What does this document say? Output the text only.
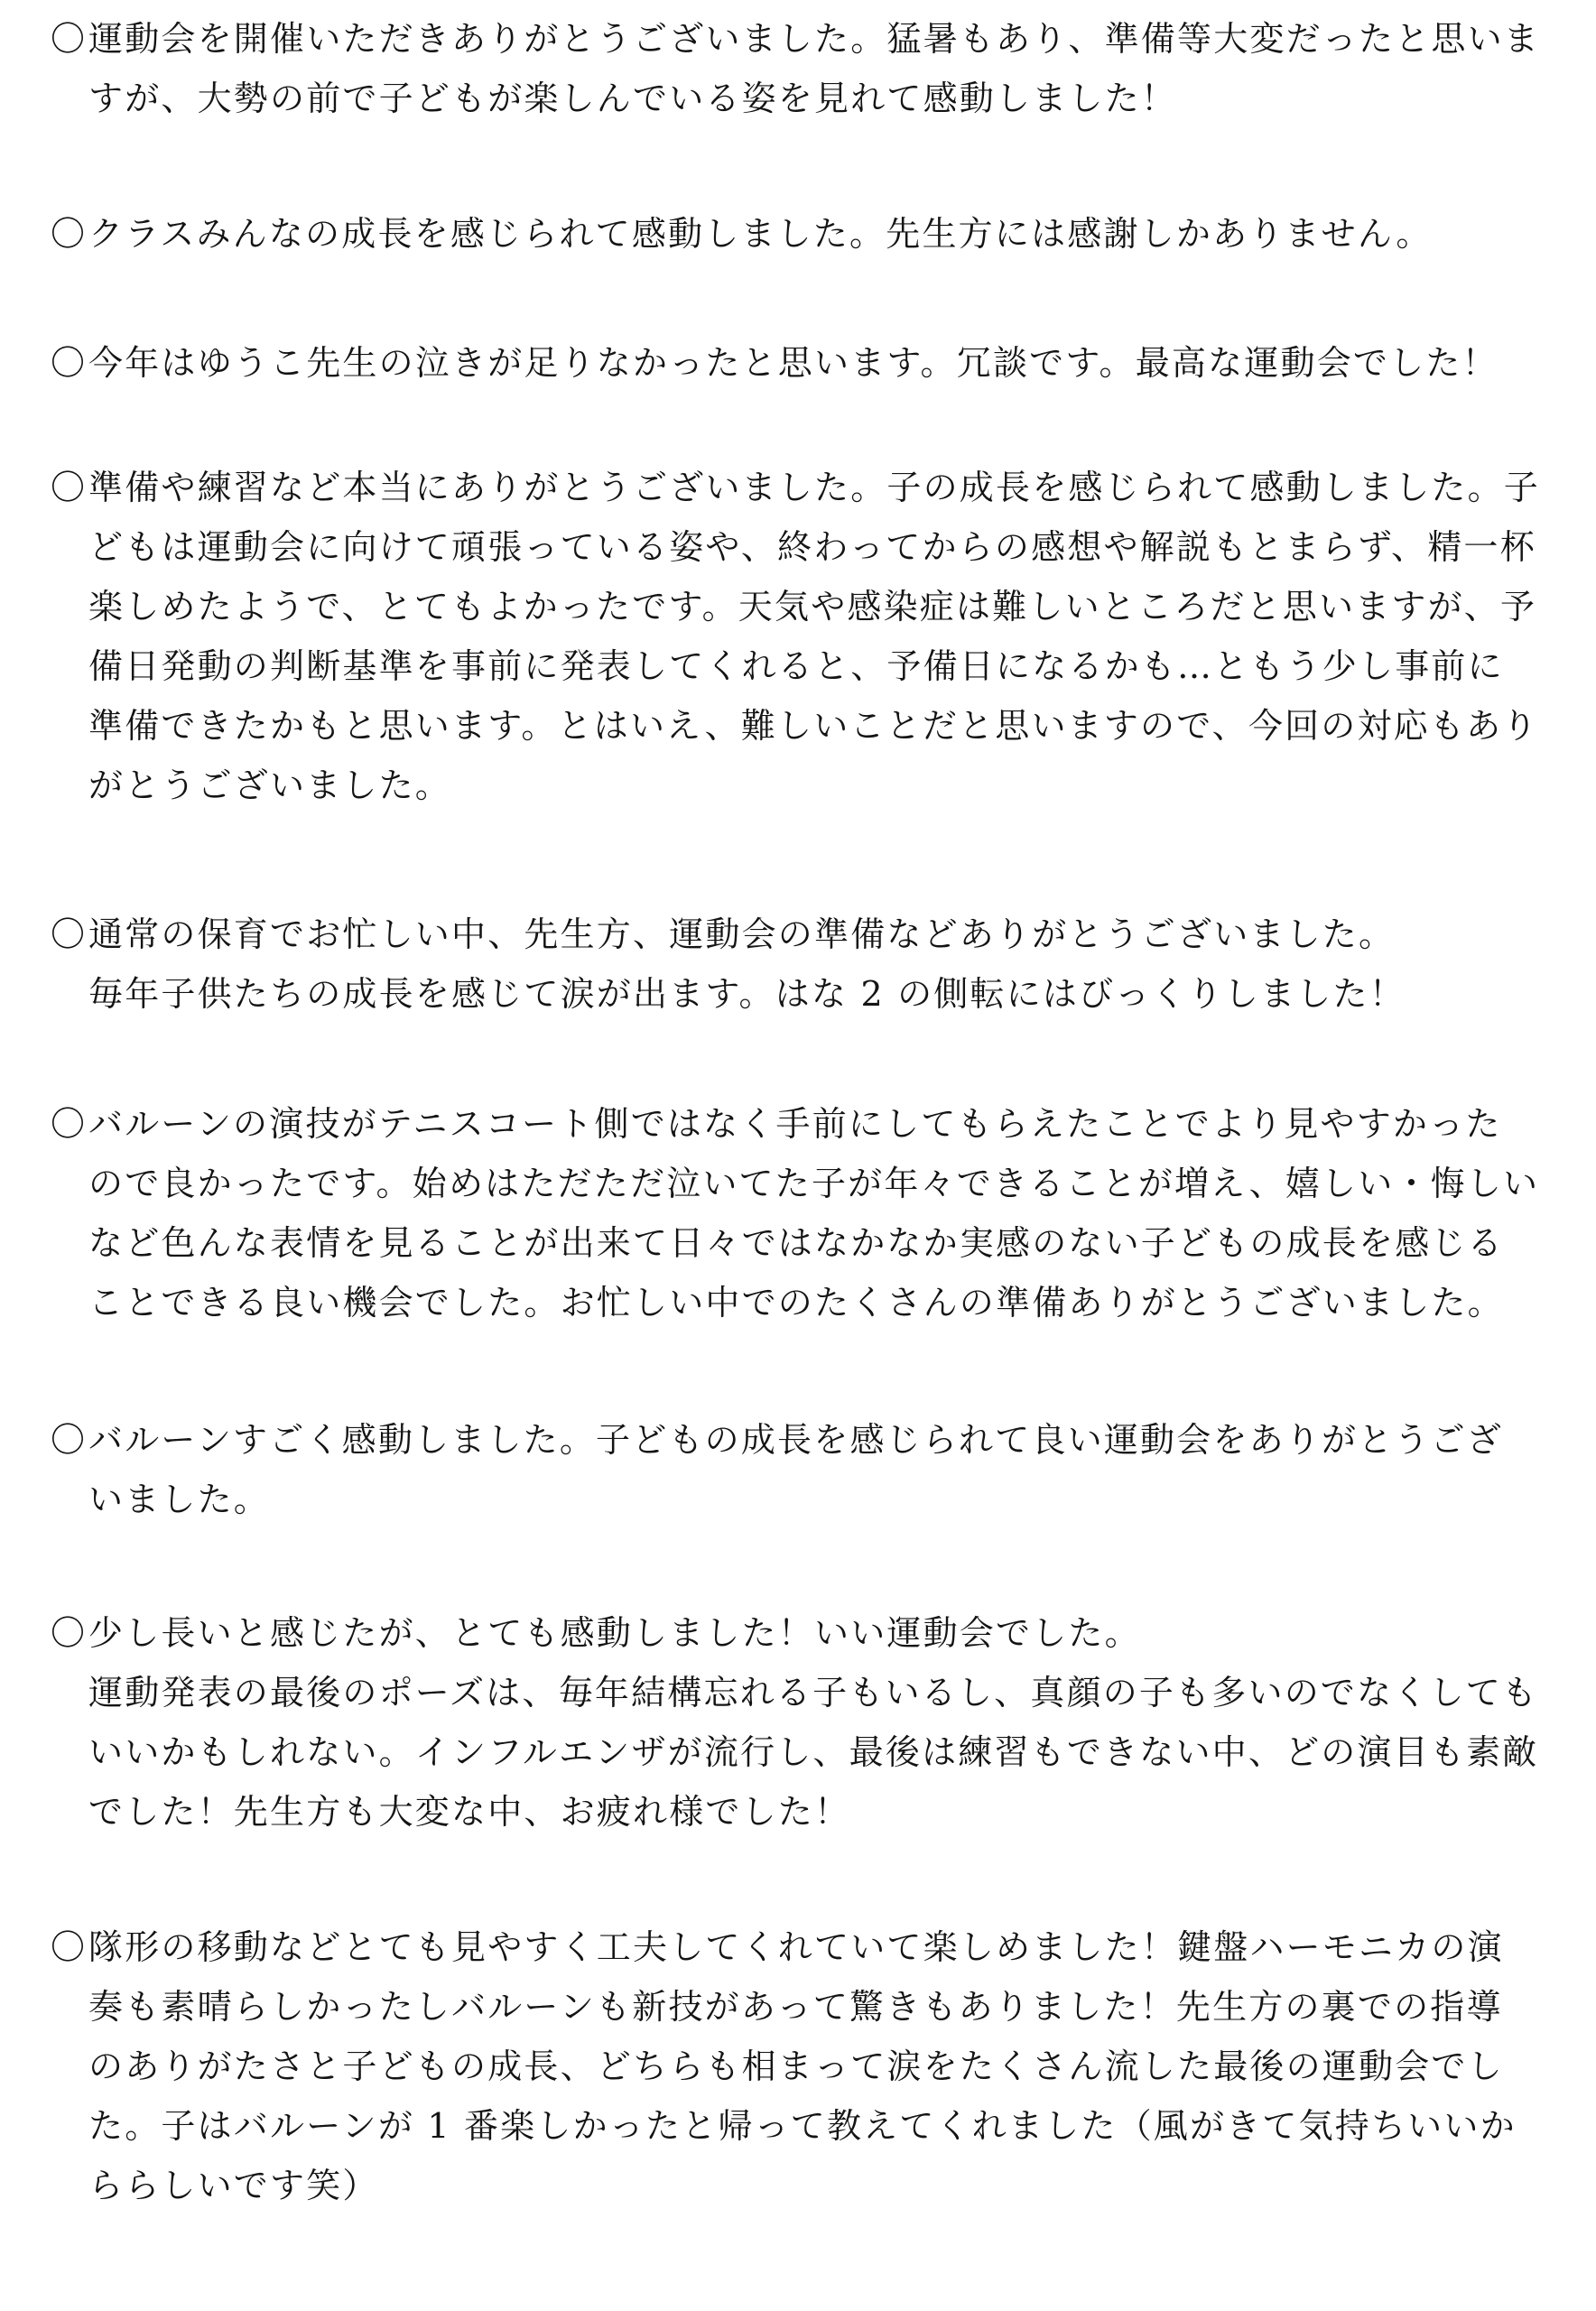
〇 運動会を開催いただきありがとうございました。猛暑もあり、準備等大変だったと思いま
すが、大勢の前で子どもが楽しんでいる姿を見れて感動しました！
〇 クラスみんなの成長を感じられて感動しました。先生方には感謝しかありません。
〇 今年はゆうこ先生の泣きが足りなかったと思います。冗談です。最高な運動会でした！
〇 準備や練習など本当にありがとうございました。子の成長を感じられて感動しました。子
どもは運動会に向けて頑張っている姿や、終わってからの感想や解説もとまらず、精一杯
楽しめたようで、とてもよかったです。天気や感染症は難しいところだと思いますが、予
備日発動の判断基準を事前に発表してくれると、予備日になるかも…ともう少し事前に
準備できたかもと思います。とはいえ、難しいことだと思いますので、今回の対応もあり
がとうございました。
〇 通常の保育でお忙しい中、先生方、運動会の準備などありがとうございました。
毎年子供たちの成長を感じて涙が出ます。はな 2 の側転にはびっくりしました！
〇 バルーンの演技がテニスコート側ではなく手前にしてもらえたことでより見やすかった
ので良かったです。始めはただただ泣いてた子が年々できることが増え、嬉しい・悔しい
など色んな表情を見ることが出来て日々ではなかなか実感のない子どもの成長を感じる
ことできる良い機会でした。お忙しい中でのたくさんの準備ありがとうございました。
〇 バルーンすごく感動しました。子どもの成長を感じられて良い運動会をありがとうござ
いました。
〇 少し長いと感じたが、とても感動しました！いい運動会でした。
運動発表の最後のポーズは、毎年結構忘れる子もいるし、真顔の子も多いのでなくしても
いいかもしれない。インフルエンザが流行し、最後は練習もできない中、どの演目も素敵
でした！先生方も大変な中、お疲れ様でした！
〇 隊形の移動などとても見やすく工夫してくれていて楽しめました！鍵盤ハーモニカの演
奏も素晴らしかったしバルーンも新技があって驚きもありました！先生方の裏での指導
のありがたさと子どもの成長、どちらも相まって涙をたくさん流した最後の運動会でし
た。子はバルーンが 1 番楽しかったと帰って教えてくれました（風がきて気持ちいいか
ららしいです笑）
